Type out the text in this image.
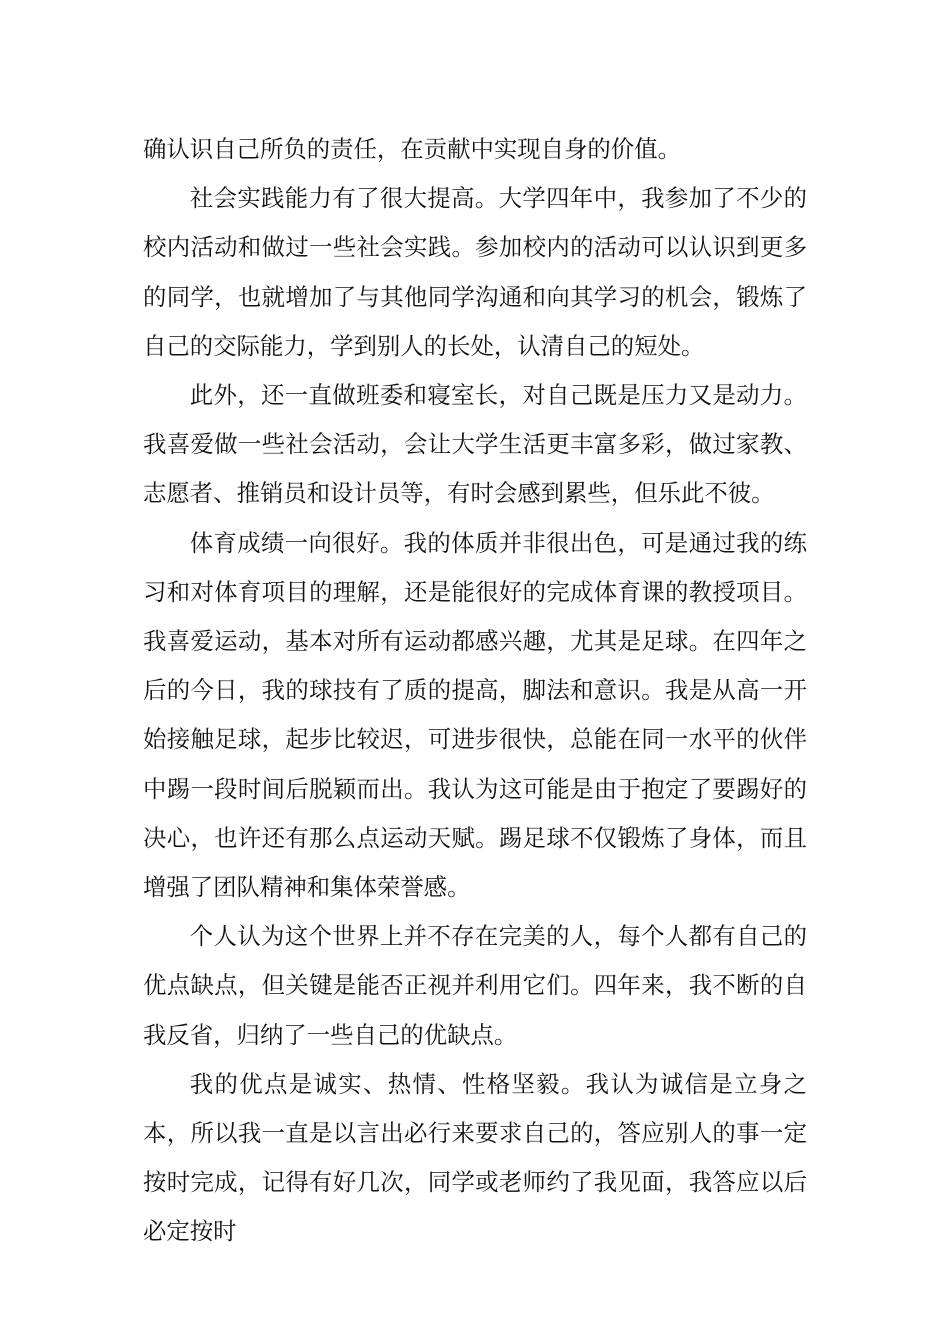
确认识自己所负的责任，在贡献中实现自身的价值。

社会实践能力有了很大提高。大学四年中，我参加了不少的校内活动和做过一些社会实践。参加校内的活动可以认识到更多的同学，也就增加了与其他同学沟通和向其学习的机会，锻炼了自己的交际能力，学到别人的长处，认清自己的短处。

此外，还一直做班委和寝室长，对自己既是压力又是动力。我喜爱做一些社会活动，会让大学生活更丰富多彩，做过家教、志愿者、推销员和设计员等，有时会感到累些，但乐此不彼。

体育成绩一向很好。我的体质并非很出色，可是通过我的练习和对体育项目的理解，还是能很好的完成体育课的教授项目。我喜爱运动，基本对所有运动都感兴趣，尤其是足球。在四年之后的今日，我的球技有了质的提高，脚法和意识。我是从高一开始接触足球，起步比较迟，可进步很快，总能在同一水平的伙伴中踢一段时间后脱颖而出。我认为这可能是由于抱定了要踢好的决心，也许还有那么点运动天赋。踢足球不仅锻炼了身体，而且增强了团队精神和集体荣誉感。

个人认为这个世界上并不存在完美的人，每个人都有自己的优点缺点，但关键是能否正视并利用它们。四年来，我不断的自我反省，归纳了一些自己的优缺点。

我的优点是诚实、热情、性格坚毅。我认为诚信是立身之本，所以我一直是以言出必行来要求自己的，答应别人的事一定按时完成，记得有好几次，同学或老师约了我见面，我答应以后必定按时
